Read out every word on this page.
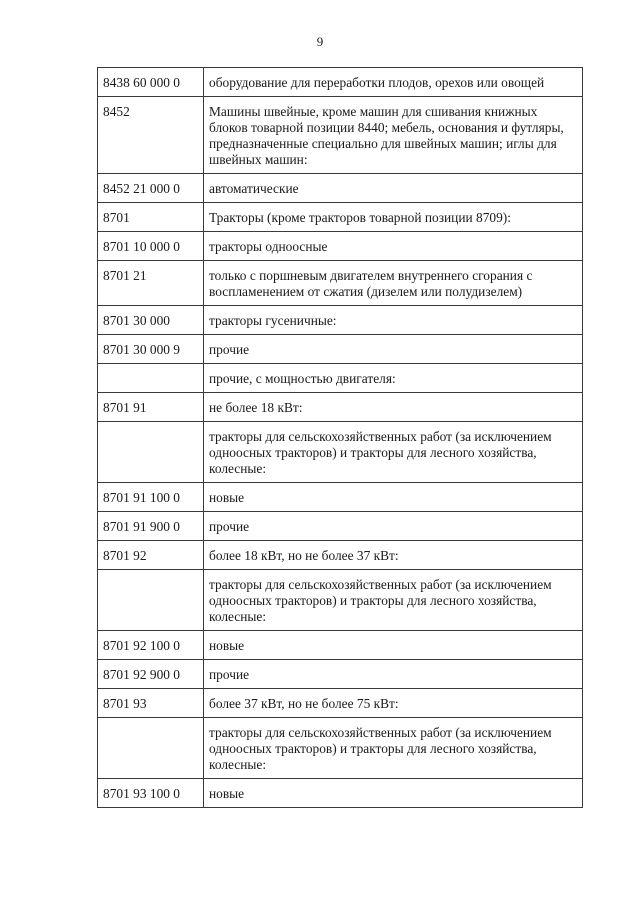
9
8438 60 000 0	оборудование для переработки плодов, орехов или овощей
8452	Машины швейные, кроме машин для сшивания книжных блоков товарной позиции 8440; мебель, основания и футляры, предназначенные специально для швейных машин; иглы для швейных машин:
8452 21 000 0	автоматические
8701	Тракторы (кроме тракторов товарной позиции 8709):
8701 10 000 0	тракторы одноосные
8701 21	только с поршневым двигателем внутреннего сгорания с воспламенением от сжатия (дизелем или полудизелем)
8701 30 000	тракторы гусеничные:
8701 30 000 9	прочие
	прочие, с мощностью двигателя:
8701 91	не более 18 кВт:
	тракторы для сельскохозяйственных работ (за исключением одноосных тракторов) и тракторы для лесного хозяйства, колесные:
8701 91 100 0	новые
8701 91 900 0	прочие
8701 92	более 18 кВт, но не более 37 кВт:
	тракторы для сельскохозяйственных работ (за исключением одноосных тракторов) и тракторы для лесного хозяйства, колесные:
8701 92 100 0	новые
8701 92 900 0	прочие
8701 93	более 37 кВт, но не более 75 кВт:
	тракторы для сельскохозяйственных работ (за исключением одноосных тракторов) и тракторы для лесного хозяйства, колесные:
8701 93 100 0	новые
